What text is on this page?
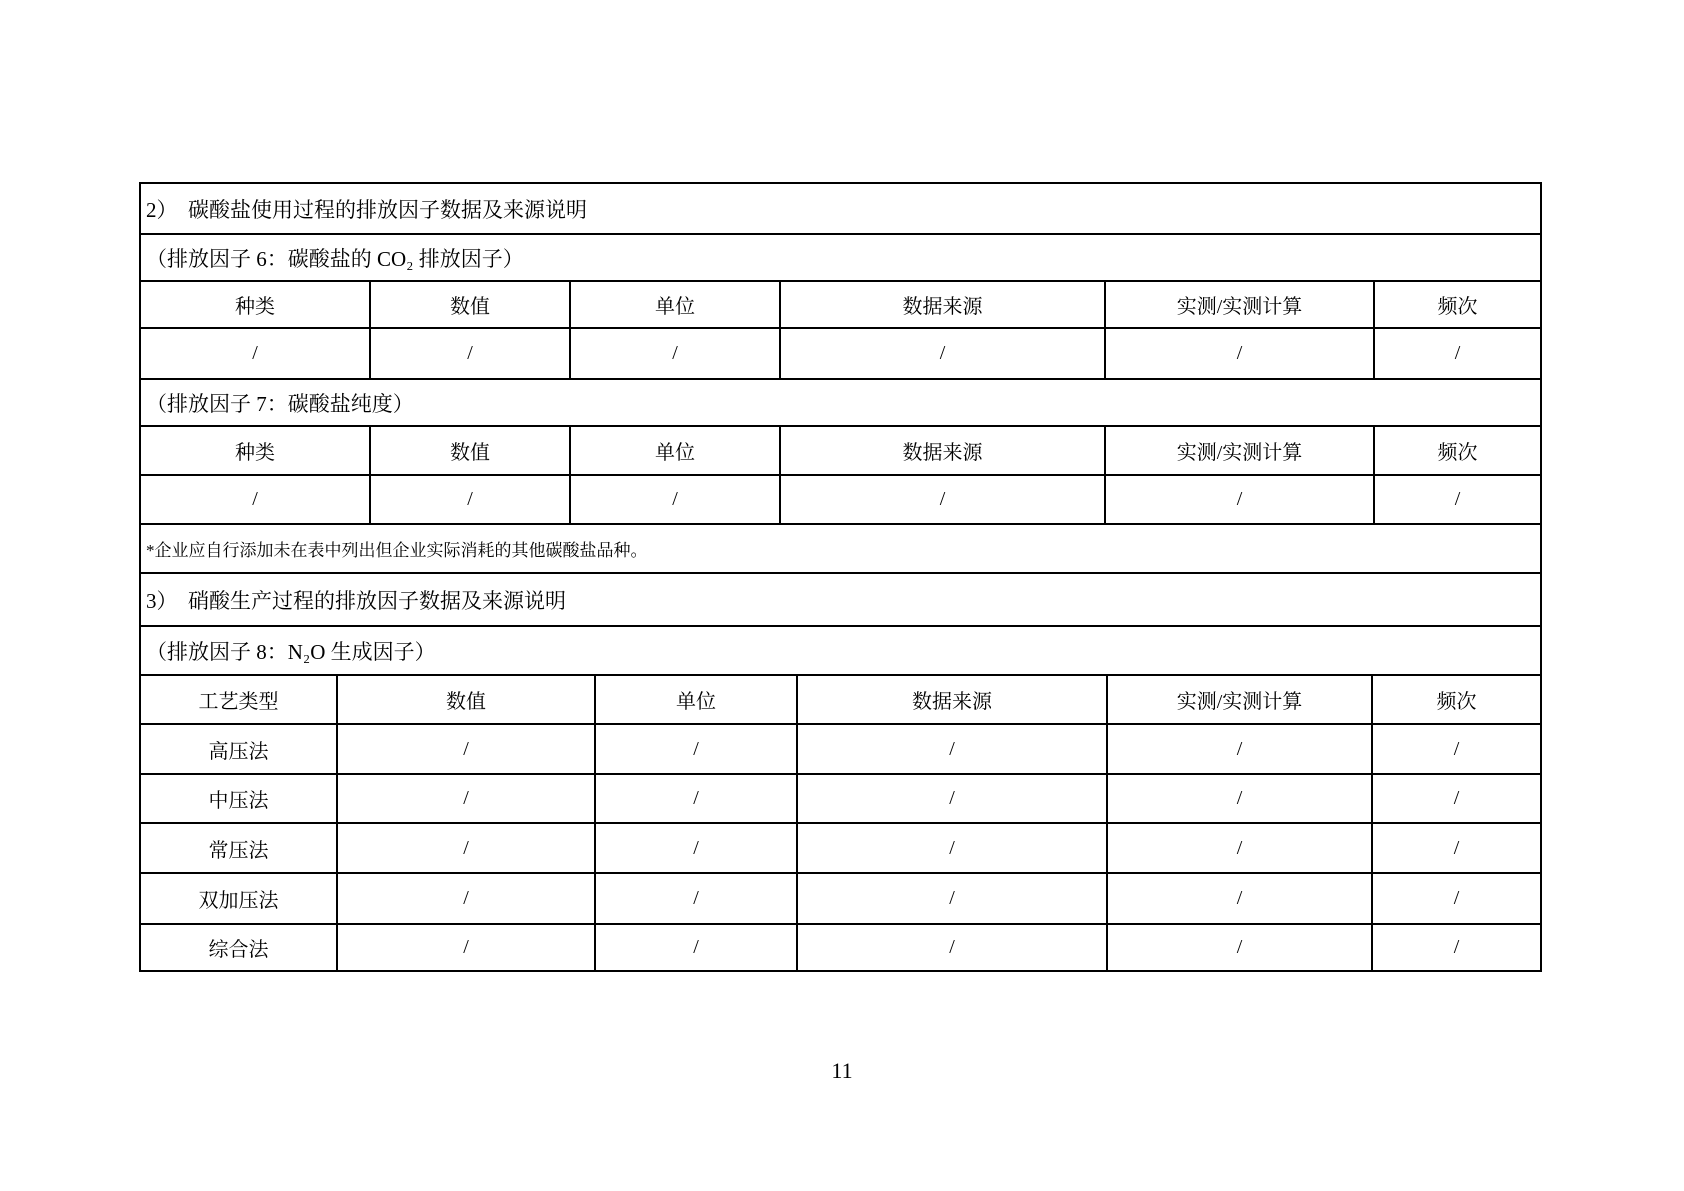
2）　碳酸盐使用过程的排放因子数据及来源说明
（排放因子 6：碳酸盐的 CO₂ 排放因子）
种类	数值	单位	数据来源	实测/实测计算	频次
/	/	/	/	/	/
（排放因子 7：碳酸盐纯度）
种类	数值	单位	数据来源	实测/实测计算	频次
/	/	/	/	/	/
*企业应自行添加未在表中列出但企业实际消耗的其他碳酸盐品种。
3）　硝酸生产过程的排放因子数据及来源说明
（排放因子 8：N₂O 生成因子）
工艺类型	数值	单位	数据来源	实测/实测计算	频次
高压法	/	/	/	/	/
中压法	/	/	/	/	/
常压法	/	/	/	/	/
双加压法	/	/	/	/	/
综合法	/	/	/	/	/
11
